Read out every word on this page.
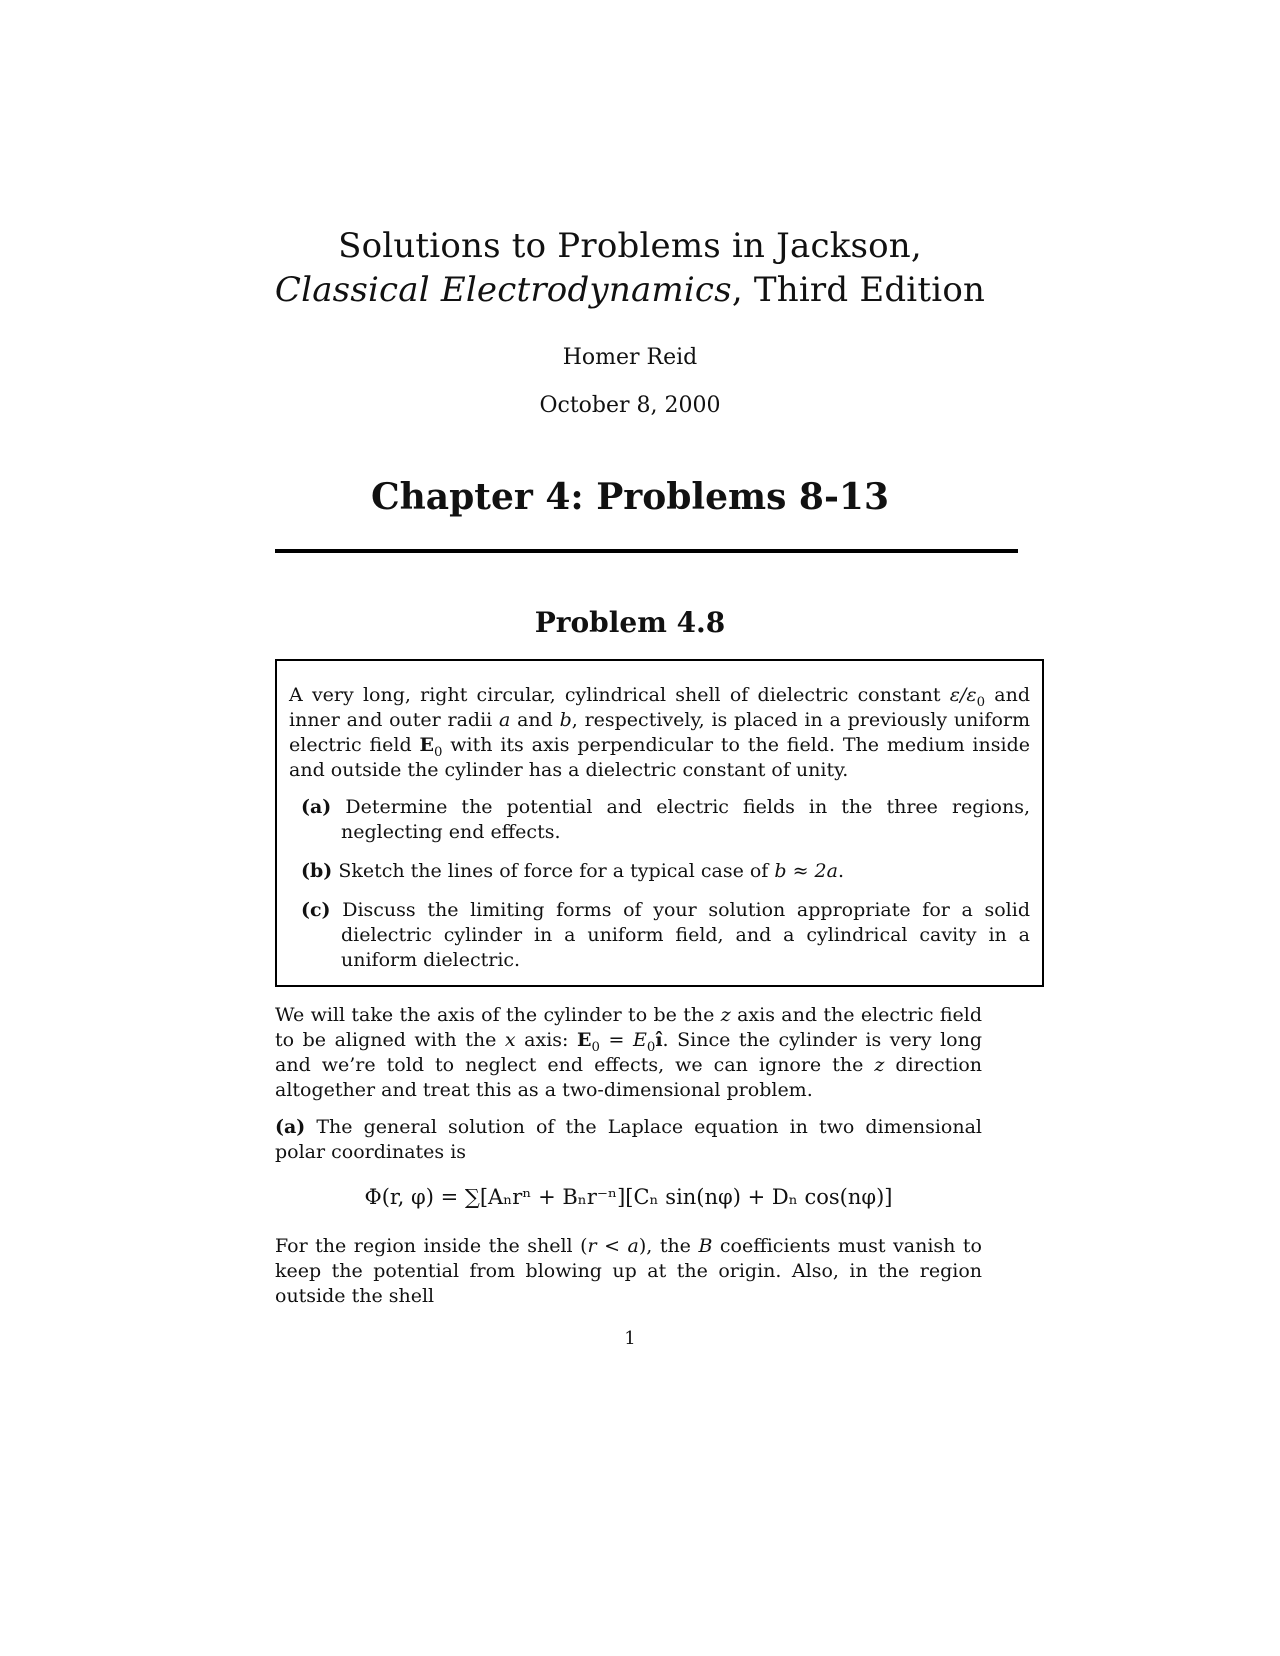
Solutions to Problems in Jackson,
Classical Electrodynamics, Third Edition
Homer Reid
October 8, 2000
Chapter 4: Problems 8-13
Problem 4.8

A very long, right circular, cylindrical shell of dielectric constant $\varepsilon/\varepsilon_0$ and inner and outer radii a and b, respectively, is placed in a previously uniform electric field $E_0$ with its axis perpendicular to the field. The medium inside and outside the cylinder has a dielectric constant of unity.

(a) Determine the potential and electric fields in the three regions, neglecting end effects.
(b) Sketch the lines of force for a typical case of b ≈ 2a.
(c) Discuss the limiting forms of your solution appropriate for a solid dielectric cylinder in a uniform field, and a cylindrical cavity in a uniform dielectric.

We will take the axis of the cylinder to be the z axis and the electric field to be aligned with the x axis: $E_0$ = $E_0î$. Since the cylinder is very long and we’re told to neglect end effects, we can ignore the z direction altogether and treat this as a two-dimensional problem.

(a) The general solution of the Laplace equation in two dimensional polar coordinates is

Φ(r, φ) = ∑[Aₙrⁿ + Bₙr⁻ⁿ][Cₙ sin(nφ) + Dₙ cos(nφ)]
For the region inside the shell (r < a), the B coefficients must vanish to keep the potential from blowing up at the origin. Also, in the region outside the shell
1
